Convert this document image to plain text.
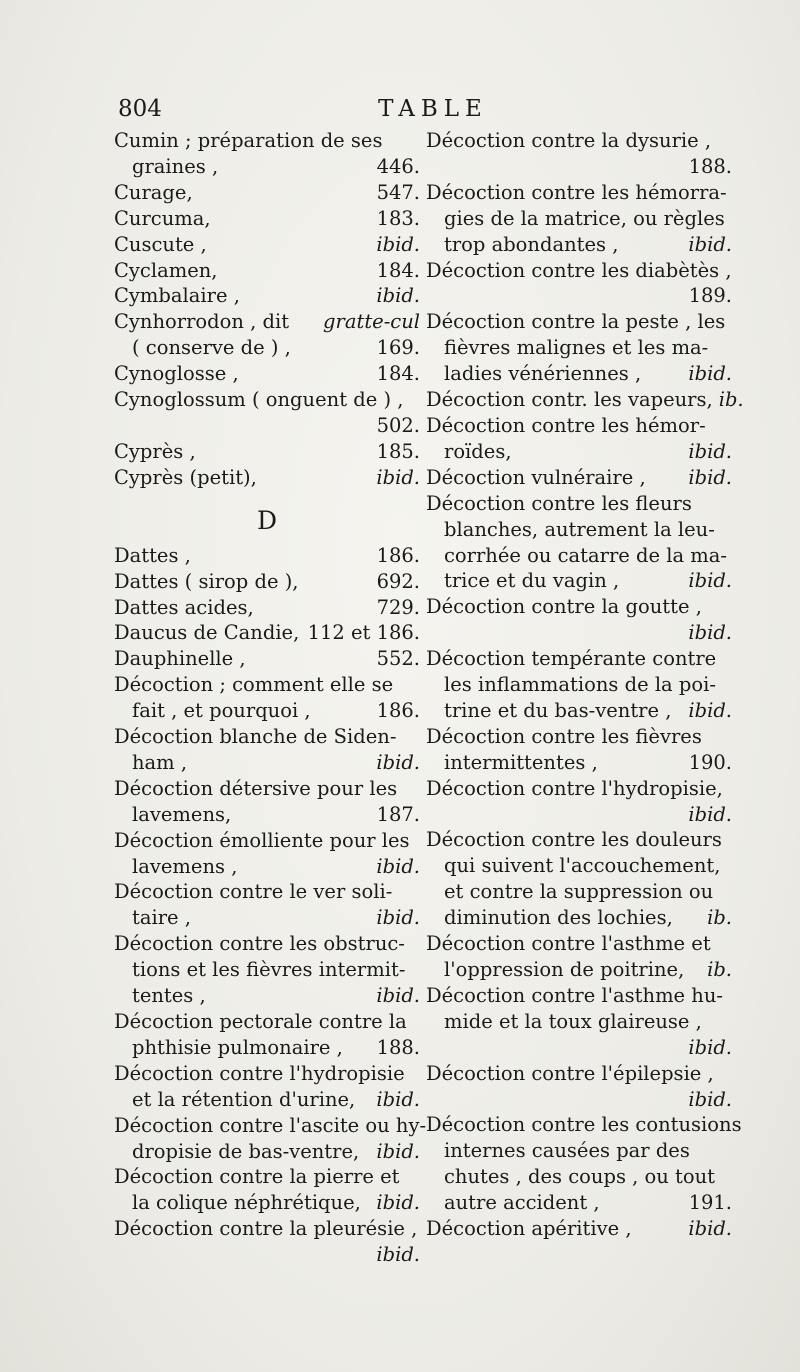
804	TABLE
Cumin ; préparation de ses
graines ,	446.
Curage,	547.
Curcuma,	183.
Cuscute ,	ibid.
Cyclamen,	184.
Cymbalaire ,	ibid.
Cynhorrodon , dit gratte-cul
( conserve de ) ,	169.
Cynoglosse ,	184.
Cynoglossum ( onguent de ) ,
502.
Cyprès ,	185.
Cyprès (petit),	ibid.
D
Dattes ,	186.
Dattes ( sirop de ),	692.
Dattes acides,	729.
Daucus de Candie, 112 et 186.
Dauphinelle ,	552.
Décoction ; comment elle se
fait , et pourquoi ,	186.
Décoction blanche de Siden-
ham ,	ibid.
Décoction détersive pour les
lavemens,	187.
Décoction émolliente pour les
lavemens ,	ibid.
Décoction contre le ver soli-
taire ,	ibid.
Décoction contre les obstruc-
tions et les fièvres intermit-
tentes ,	ibid.
Décoction pectorale contre la
phthisie pulmonaire , 188.
Décoction contre l'hydropisie
et la rétention d'urine, ibid.
Décoction contre l'ascite ou hy-
dropisie de bas-ventre, ibid.
Décoction contre la pierre et
la colique néphrétique, ibid.
Décoction contre la pleurésie ,
ibid.
Décoction contre la dysurie ,
188.
Décoction contre les hémorra-
gies de la matrice, ou règles
trop abondantes ,	ibid.
Décoction contre les diabètès ,
189.
Décoction contre la peste , les
fièvres malignes et les ma-
ladies vénériennes , ibid.
Décoction contr. les vapeurs, ib.
Décoction contre les hémor-
roïdes,	ibid.
Décoction vulnéraire , ibid.
Décoction contre les fleurs
blanches, autrement la leu-
corrhée ou catarre de la ma-
trice et du vagin ,	ibid.
Décoction contre la goutte ,
ibid.
Décoction tempérante contre
les inflammations de la poi-
trine et du bas-ventre , ibid.
Décoction contre les fièvres
intermittentes ,	190.
Décoction contre l'hydropisie,
ibid.
Décoction contre les douleurs
qui suivent l'accouchement,
et contre la suppression ou
diminution des lochies, ib.
Décoction contre l'asthme et
l'oppression de poitrine, ib.
Décoction contre l'asthme hu-
mide et la toux glaireuse ,
ibid.
Décoction contre l'épilepsie ,
ibid.
Décoction contre les contusions
internes causées par des
chutes , des coups , ou tout
autre accident ,	191.
Décoction apéritive ,	ibid.
